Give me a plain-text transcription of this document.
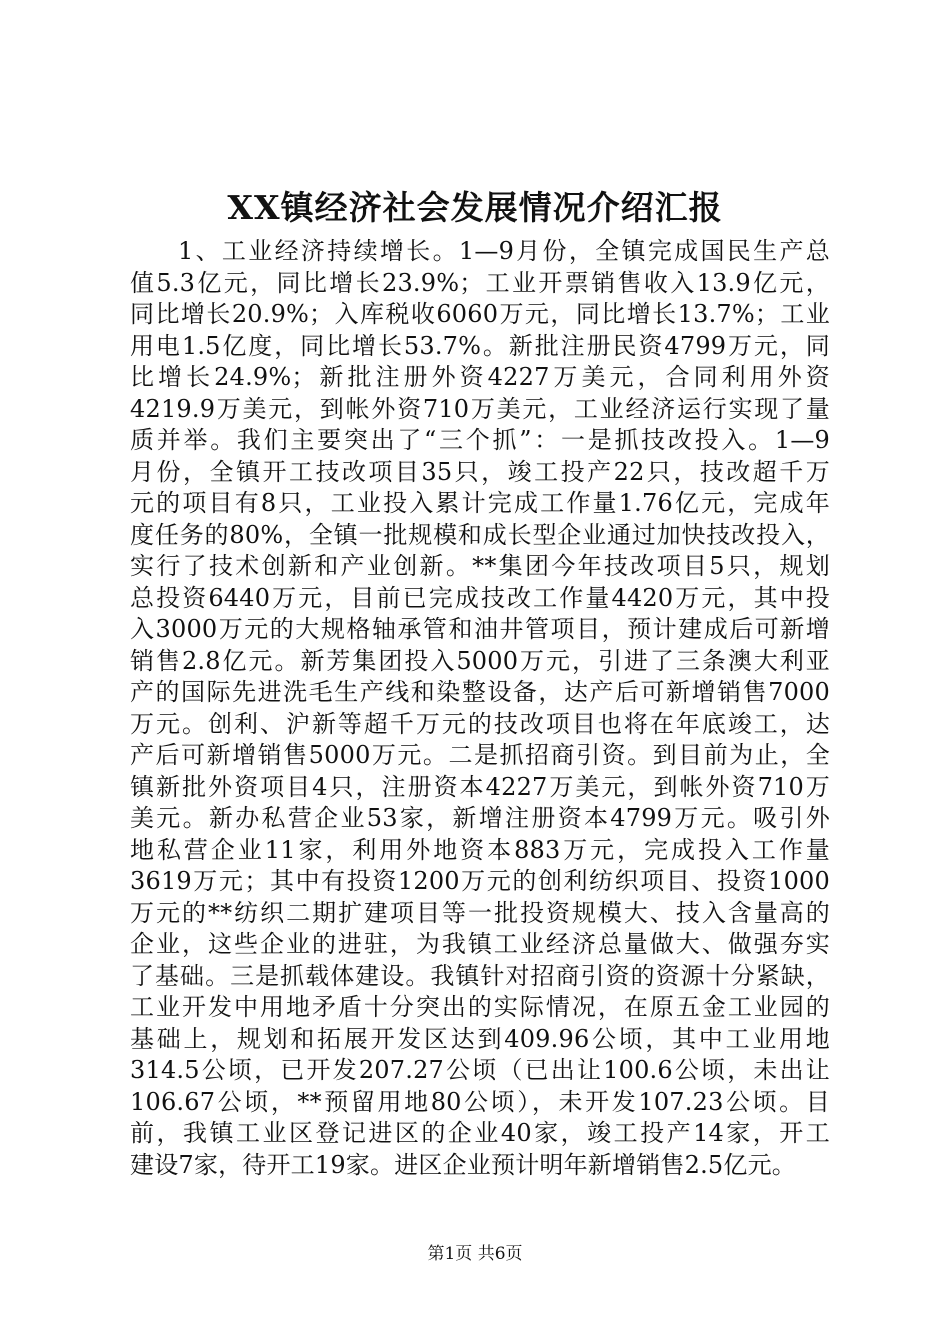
XX镇经济社会发展情况介绍汇报
1、工业经济持续增长。1—9月份，全镇完成国民生产总
值5.3亿元，同比增长23.9%；工业开票销售收入13.9亿元，
同比增长20.9%；入库税收6060万元，同比增长13.7%；工业
用电1.5亿度，同比增长53.7%。新批注册民资4799万元，同
比增长24.9%；新批注册外资4227万美元，合同利用外资
4219.9万美元，到帐外资710万美元，工业经济运行实现了量
质并举。我们主要突出了“三个抓”：一是抓技改投入。1—9
月份，全镇开工技改项目35只，竣工投产22只，技改超千万
元的项目有8只，工业投入累计完成工作量1.76亿元，完成年
度任务的80%，全镇一批规模和成长型企业通过加快技改投入，
实行了技术创新和产业创新。**集团今年技改项目5只，规划
总投资6440万元，目前已完成技改工作量4420万元，其中投
入3000万元的大规格轴承管和油井管项目，预计建成后可新增
销售2.8亿元。新芳集团投入5000万元，引进了三条澳大利亚
产的国际先进洗毛生产线和染整设备，达产后可新增销售7000
万元。创利、沪新等超千万元的技改项目也将在年底竣工，达
产后可新增销售5000万元。二是抓招商引资。到目前为止，全
镇新批外资项目4只，注册资本4227万美元，到帐外资710万
美元。新办私营企业53家，新增注册资本4799万元。吸引外
地私营企业11家，利用外地资本883万元，完成投入工作量
3619万元；其中有投资1200万元的创利纺织项目、投资1000
万元的**纺织二期扩建项目等一批投资规模大、技入含量高的
企业，这些企业的进驻，为我镇工业经济总量做大、做强夯实
了基础。三是抓载体建设。我镇针对招商引资的资源十分紧缺，
工业开发中用地矛盾十分突出的实际情况，在原五金工业园的
基础上，规划和拓展开发区达到409.96公顷，其中工业用地
314.5公顷，已开发207.27公顷（已出让100.6公顷，未出让
106.67公顷，**预留用地80公顷），未开发107.23公顷。目
前，我镇工业区登记进区的企业40家，竣工投产14家，开工
建设7家，待开工19家。进区企业预计明年新增销售2.5亿元。
第1页 共6页
